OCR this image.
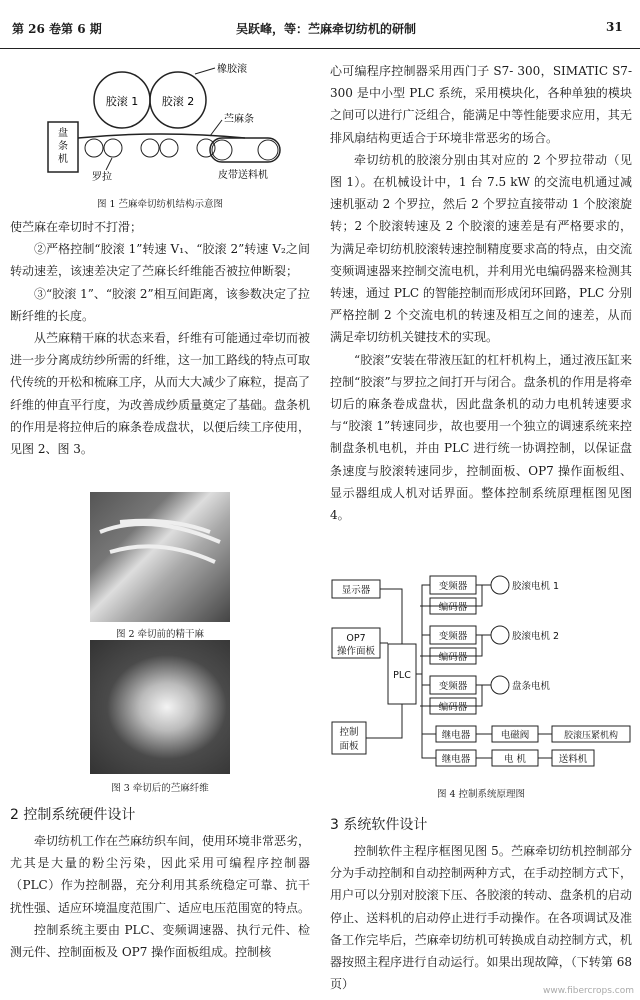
第 26 卷第 6 期	吴跃峰，等：苎麻牵切纺机的研制	31
胶滚 1 胶滚 2
橡胶滚
苎麻条
罗拉
盘
条
机
盘条机
皮带送料机
图 1 苎麻牵切纺机结构示意图

使苎麻在牵切时不打滑；

②严格控制“胶滚 1”转速 V₁、“胶滚 2”转速 V₂之间转动速差，该速差决定了苎麻长纤维能否被拉伸断裂；

③“胶滚 1”、“胶滚 2”相互间距离，该参数决定了拉断纤维的长度。

从苎麻精干麻的状态来看，纤维有可能通过牵切而被进一步分离成纺纱所需的纤维，这一加工路线的特点可取代传统的开松和梳麻工序，从而大大减少了麻粒，提高了纤维的伸直平行度，为改善成纱质量奠定了基础。盘条机的作用是将拉伸后的麻条卷成盘状，以便后续工序使用，见图 2、图 3。

图 2 牵切前的精干麻
图 3 牵切后的苎麻纤维
2 控制系统硬件设计

牵切纺机工作在苎麻纺织车间，使用环境非常恶劣，尤其是大量的粉尘污染，因此采用可编程序控制器（PLC）作为控制器，充分利用其系统稳定可靠、抗干扰性强、适应环境温度范围广、适应电压范围宽的特点。

控制系统主要由 PLC、变频调速器、执行元件、检测元件、控制面板及 OP7 操作面板组成。控制核

心可编程序控制器采用西门子 S7- 300，SIMATIC S7- 300 是中小型 PLC 系统，采用模块化，各种单独的模块之间可以进行广泛组合，能满足中等性能要求应用，其无排风扇结构更适合于环境非常恶劣的场合。

牵切纺机的胶滚分别由其对应的 2 个罗拉带动（见图 1）。在机械设计中，1 台 7.5 kW 的交流电机通过减速机驱动 2 个罗拉，然后 2 个罗拉直接带动 1 个胶滚旋转；2 个胶滚转速及 2 个胶滚的速差是有严格要求的，为满足牵切纺机胶滚转速控制精度要求高的特点，由交流变频调速器来控制交流电机，并利用光电编码器来检测其转速，通过 PLC 的智能控制而形成闭环回路，PLC 分别严格控制 2 个交流电机的转速及相互之间的速差，从而满足牵切纺机关键技术的实现。

“胶滚”安装在带液压缸的杠杆机构上，通过液压缸来控制“胶滚”与罗拉之间打开与闭合。盘条机的作用是将牵切后的麻条卷成盘状，因此盘条机的动力电机转速要求与“胶滚 1”转速同步，故也要用一个独立的调速系统来控制盘条机电机，并由 PLC 进行统一协调控制，以保证盘条速度与胶滚转速同步，控制面板、OP7 操作面板组、显示器组成人机对话界面。整体控制系统原理框图见图 4。

显示器
OP7
操作面板
控制
面板
PLC
变频器
编码器
变频器
编码器
变频器
编码器
胶滚电机 1
胶滚电机 2
盘条电机
继电器	电磁阀	胶滚压紧机构
继电器	电 机	送料机
图 4 控制系统原理图
3 系统软件设计

控制软件主程序框图见图 5。苎麻牵切纺机控制部分分为手动控制和自动控制两种方式，在手动控制方式下，用户可以分别对胶滚下压、各胶滚的转动、盘条机的启动停止、送料机的启动停止进行手动操作。在各项调试及准备工作完毕后，苎麻牵切纺机可转换成自动控制方式，机器按照主程序进行自动运行。如果出现故障，（下转第 68 页）	www.fibercrops.com
